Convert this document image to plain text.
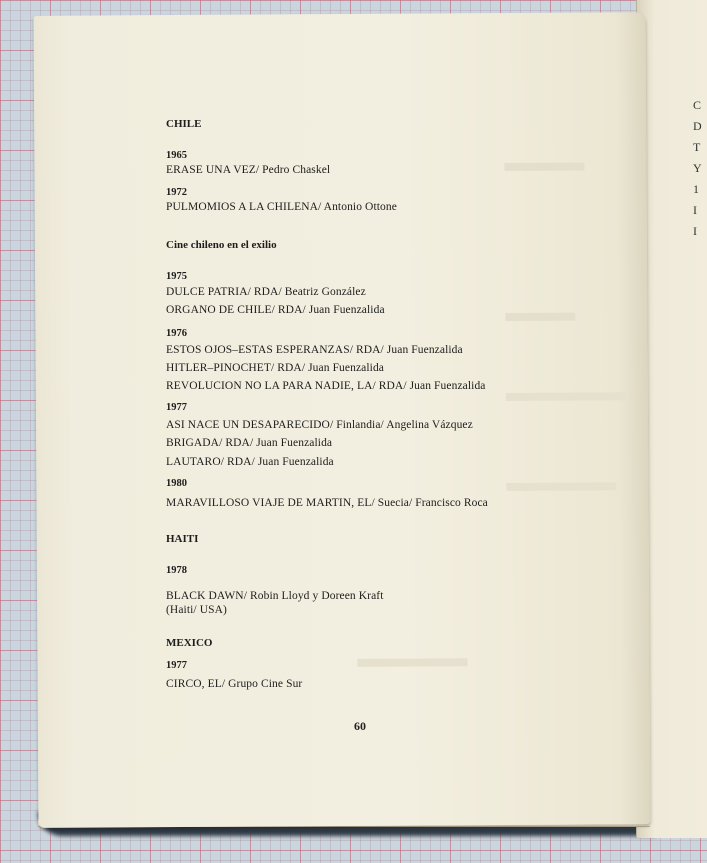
C
D
T
Y
1
I
I
CHILE
1965
ERASE UNA VEZ/ Pedro Chaskel
1972
PULMOMIOS A LA CHILENA/ Antonio Ottone
Cine chileno en el exilio
1975
DULCE PATRIA/ RDA/ Beatriz González
ORGANO DE CHILE/ RDA/ Juan Fuenzalida
1976
ESTOS OJOS–ESTAS ESPERANZAS/ RDA/ Juan Fuenzalida
HITLER–PINOCHET/ RDA/ Juan Fuenzalida
REVOLUCION NO LA PARA NADIE, LA/ RDA/ Juan Fuenzalida
1977
ASI NACE UN DESAPARECIDO/ Finlandia/ Angelina Vázquez
BRIGADA/ RDA/ Juan Fuenzalida
LAUTARO/ RDA/ Juan Fuenzalida
1980
MARAVILLOSO VIAJE DE MARTIN, EL/ Suecia/ Francisco Roca
HAITI
1978
BLACK DAWN/ Robin Lloyd y Doreen Kraft
(Haiti/ USA)
MEXICO
1977
CIRCO, EL/ Grupo Cine Sur
60
